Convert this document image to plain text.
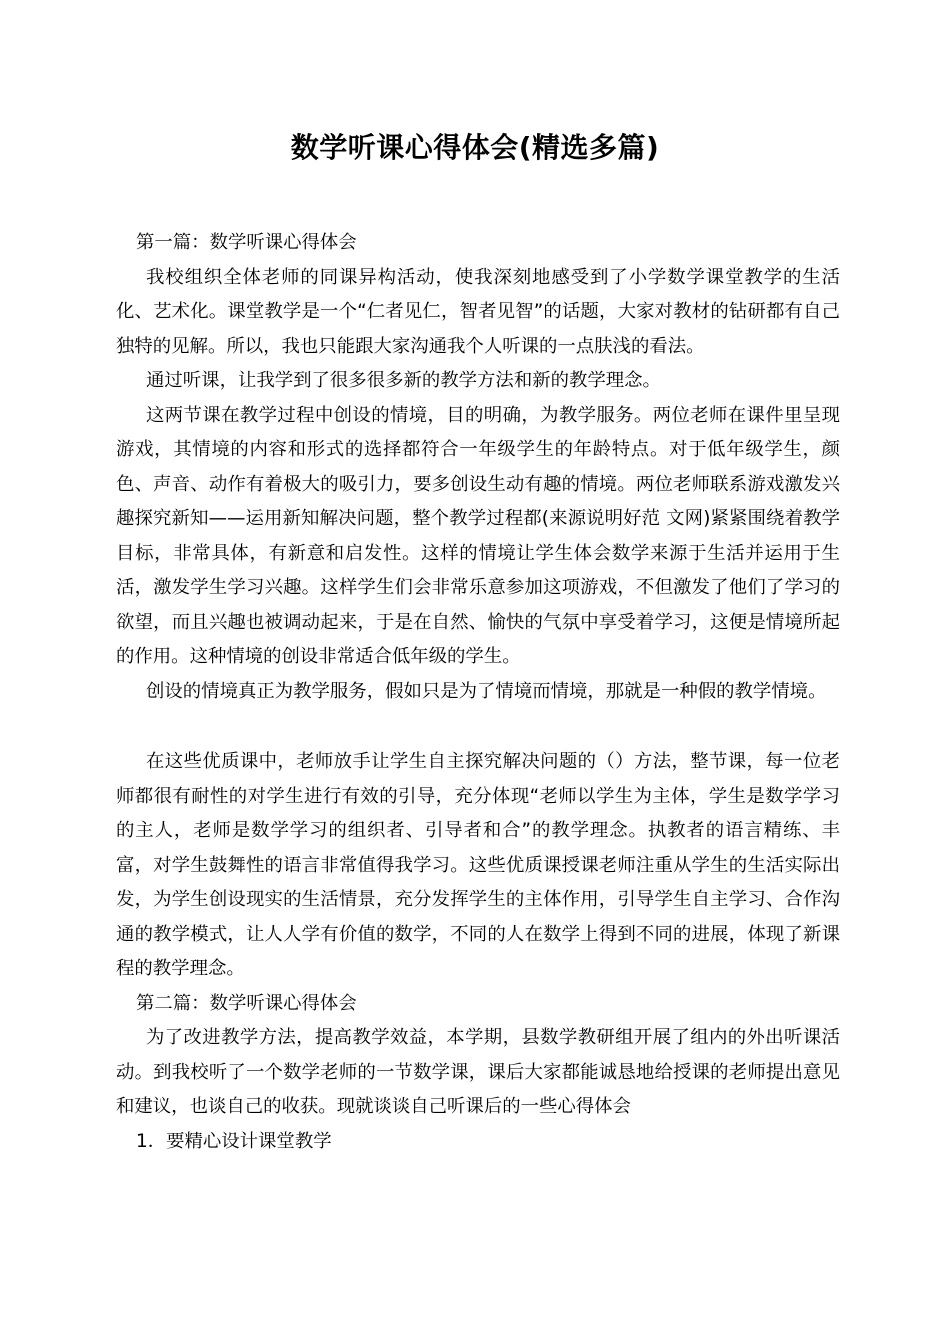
数学听课心得体会(精选多篇)

第一篇：数学听课心得体会

我校组织全体老师的同课异构活动，使我深刻地感受到了小学数学课堂教学的生活化、艺术化。课堂教学是一个“仁者见仁，智者见智”的话题，大家对教材的钻研都有自己独特的见解。所以，我也只能跟大家沟通我个人听课的一点肤浅的看法。

通过听课，让我学到了很多很多新的教学方法和新的教学理念。

这两节课在教学过程中创设的情境，目的明确，为教学服务。两位老师在课件里呈现游戏，其情境的内容和形式的选择都符合一年级学生的年龄特点。对于低年级学生，颜色、声音、动作有着极大的吸引力，要多创设生动有趣的情境。两位老师联系游戏激发兴趣探究新知——运用新知解决问题，整个教学过程都(来源说明好范 文网)紧紧围绕着教学目标，非常具体，有新意和启发性。这样的情境让学生体会数学来源于生活并运用于生活，激发学生学习兴趣。这样学生们会非常乐意参加这项游戏，不但激发了他们了学习的欲望，而且兴趣也被调动起来，于是在自然、愉快的气氛中享受着学习，这便是情境所起的作用。这种情境的创设非常适合低年级的学生。

创设的情境真正为教学服务，假如只是为了情境而情境，那就是一种假的教学情境。

在这些优质课中，老师放手让学生自主探究解决问题的（）方法，整节课，每一位老师都很有耐性的对学生进行有效的引导，充分体现“老师以学生为主体，学生是数学学习的主人，老师是数学学习的组织者、引导者和合”的教学理念。执教者的语言精练、丰富，对学生鼓舞性的语言非常值得我学习。这些优质课授课老师注重从学生的生活实际出发，为学生创设现实的生活情景，充分发挥学生的主体作用，引导学生自主学习、合作沟通的教学模式，让人人学有价值的数学，不同的人在数学上得到不同的进展，体现了新课程的教学理念。

第二篇：数学听课心得体会

为了改进教学方法，提高教学效益，本学期，县数学教研组开展了组内的外出听课活动。到我校听了一个数学老师的一节数学课，课后大家都能诚恳地给授课的老师提出意见和建议，也谈自己的收获。现就谈谈自己听课后的一些心得体会

1．要精心设计课堂教学
